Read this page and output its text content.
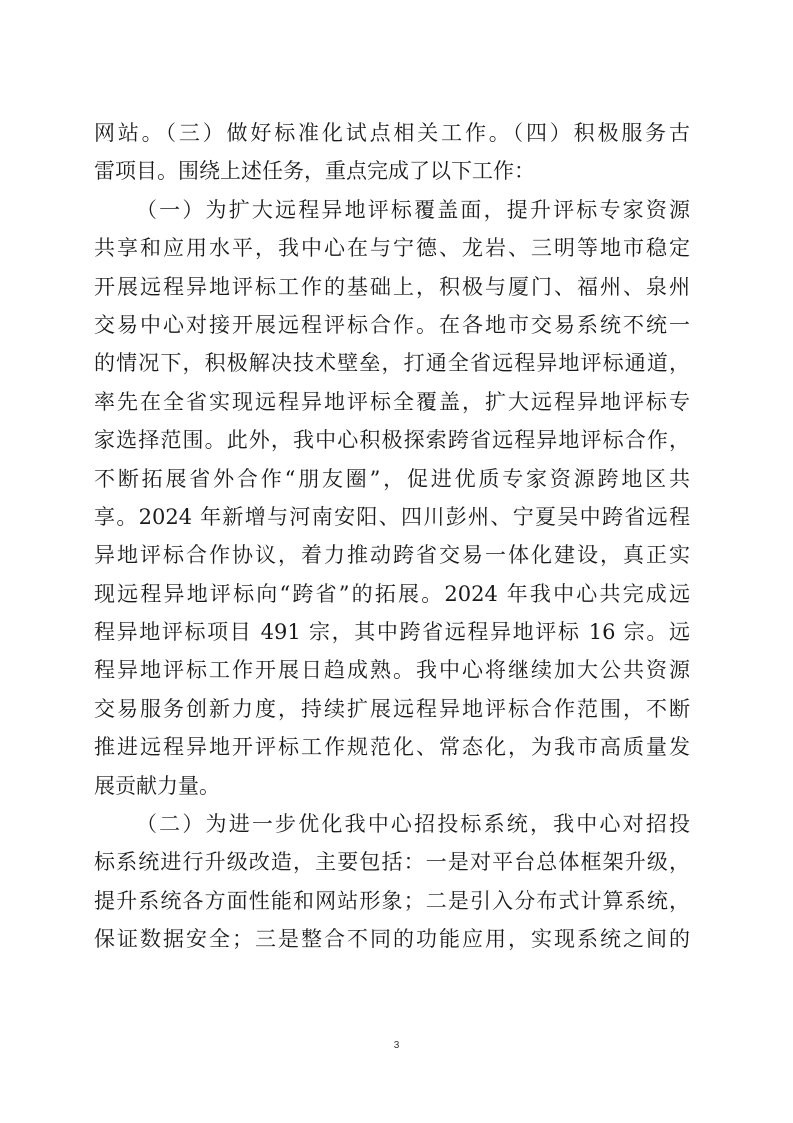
网站。（三）做好标准化试点相关工作。（四）积极服务古
雷项目。围绕上述任务，重点完成了以下工作：
（一）为扩大远程异地评标覆盖面，提升评标专家资源
共享和应用水平，我中心在与宁德、龙岩、三明等地市稳定
开展远程异地评标工作的基础上，积极与厦门、福州、泉州
交易中心对接开展远程评标合作。在各地市交易系统不统一
的情况下，积极解决技术壁垒，打通全省远程异地评标通道，
率先在全省实现远程异地评标全覆盖，扩大远程异地评标专
家选择范围。此外，我中心积极探索跨省远程异地评标合作，
不断拓展省外合作“朋友圈”，促进优质专家资源跨地区共
享。2024 年新增与河南安阳、四川彭州、宁夏吴中跨省远程
异地评标合作协议，着力推动跨省交易一体化建设，真正实
现远程异地评标向“跨省”的拓展。2024 年我中心共完成远
程异地评标项目 491 宗，其中跨省远程异地评标 16 宗。远
程异地评标工作开展日趋成熟。我中心将继续加大公共资源
交易服务创新力度，持续扩展远程异地评标合作范围，不断
推进远程异地开评标工作规范化、常态化，为我市高质量发
展贡献力量。
（二）为进一步优化我中心招投标系统，我中心对招投
标系统进行升级改造，主要包括：一是对平台总体框架升级，
提升系统各方面性能和网站形象；二是引入分布式计算系统，
保证数据安全；三是整合不同的功能应用，实现系统之间的
3
